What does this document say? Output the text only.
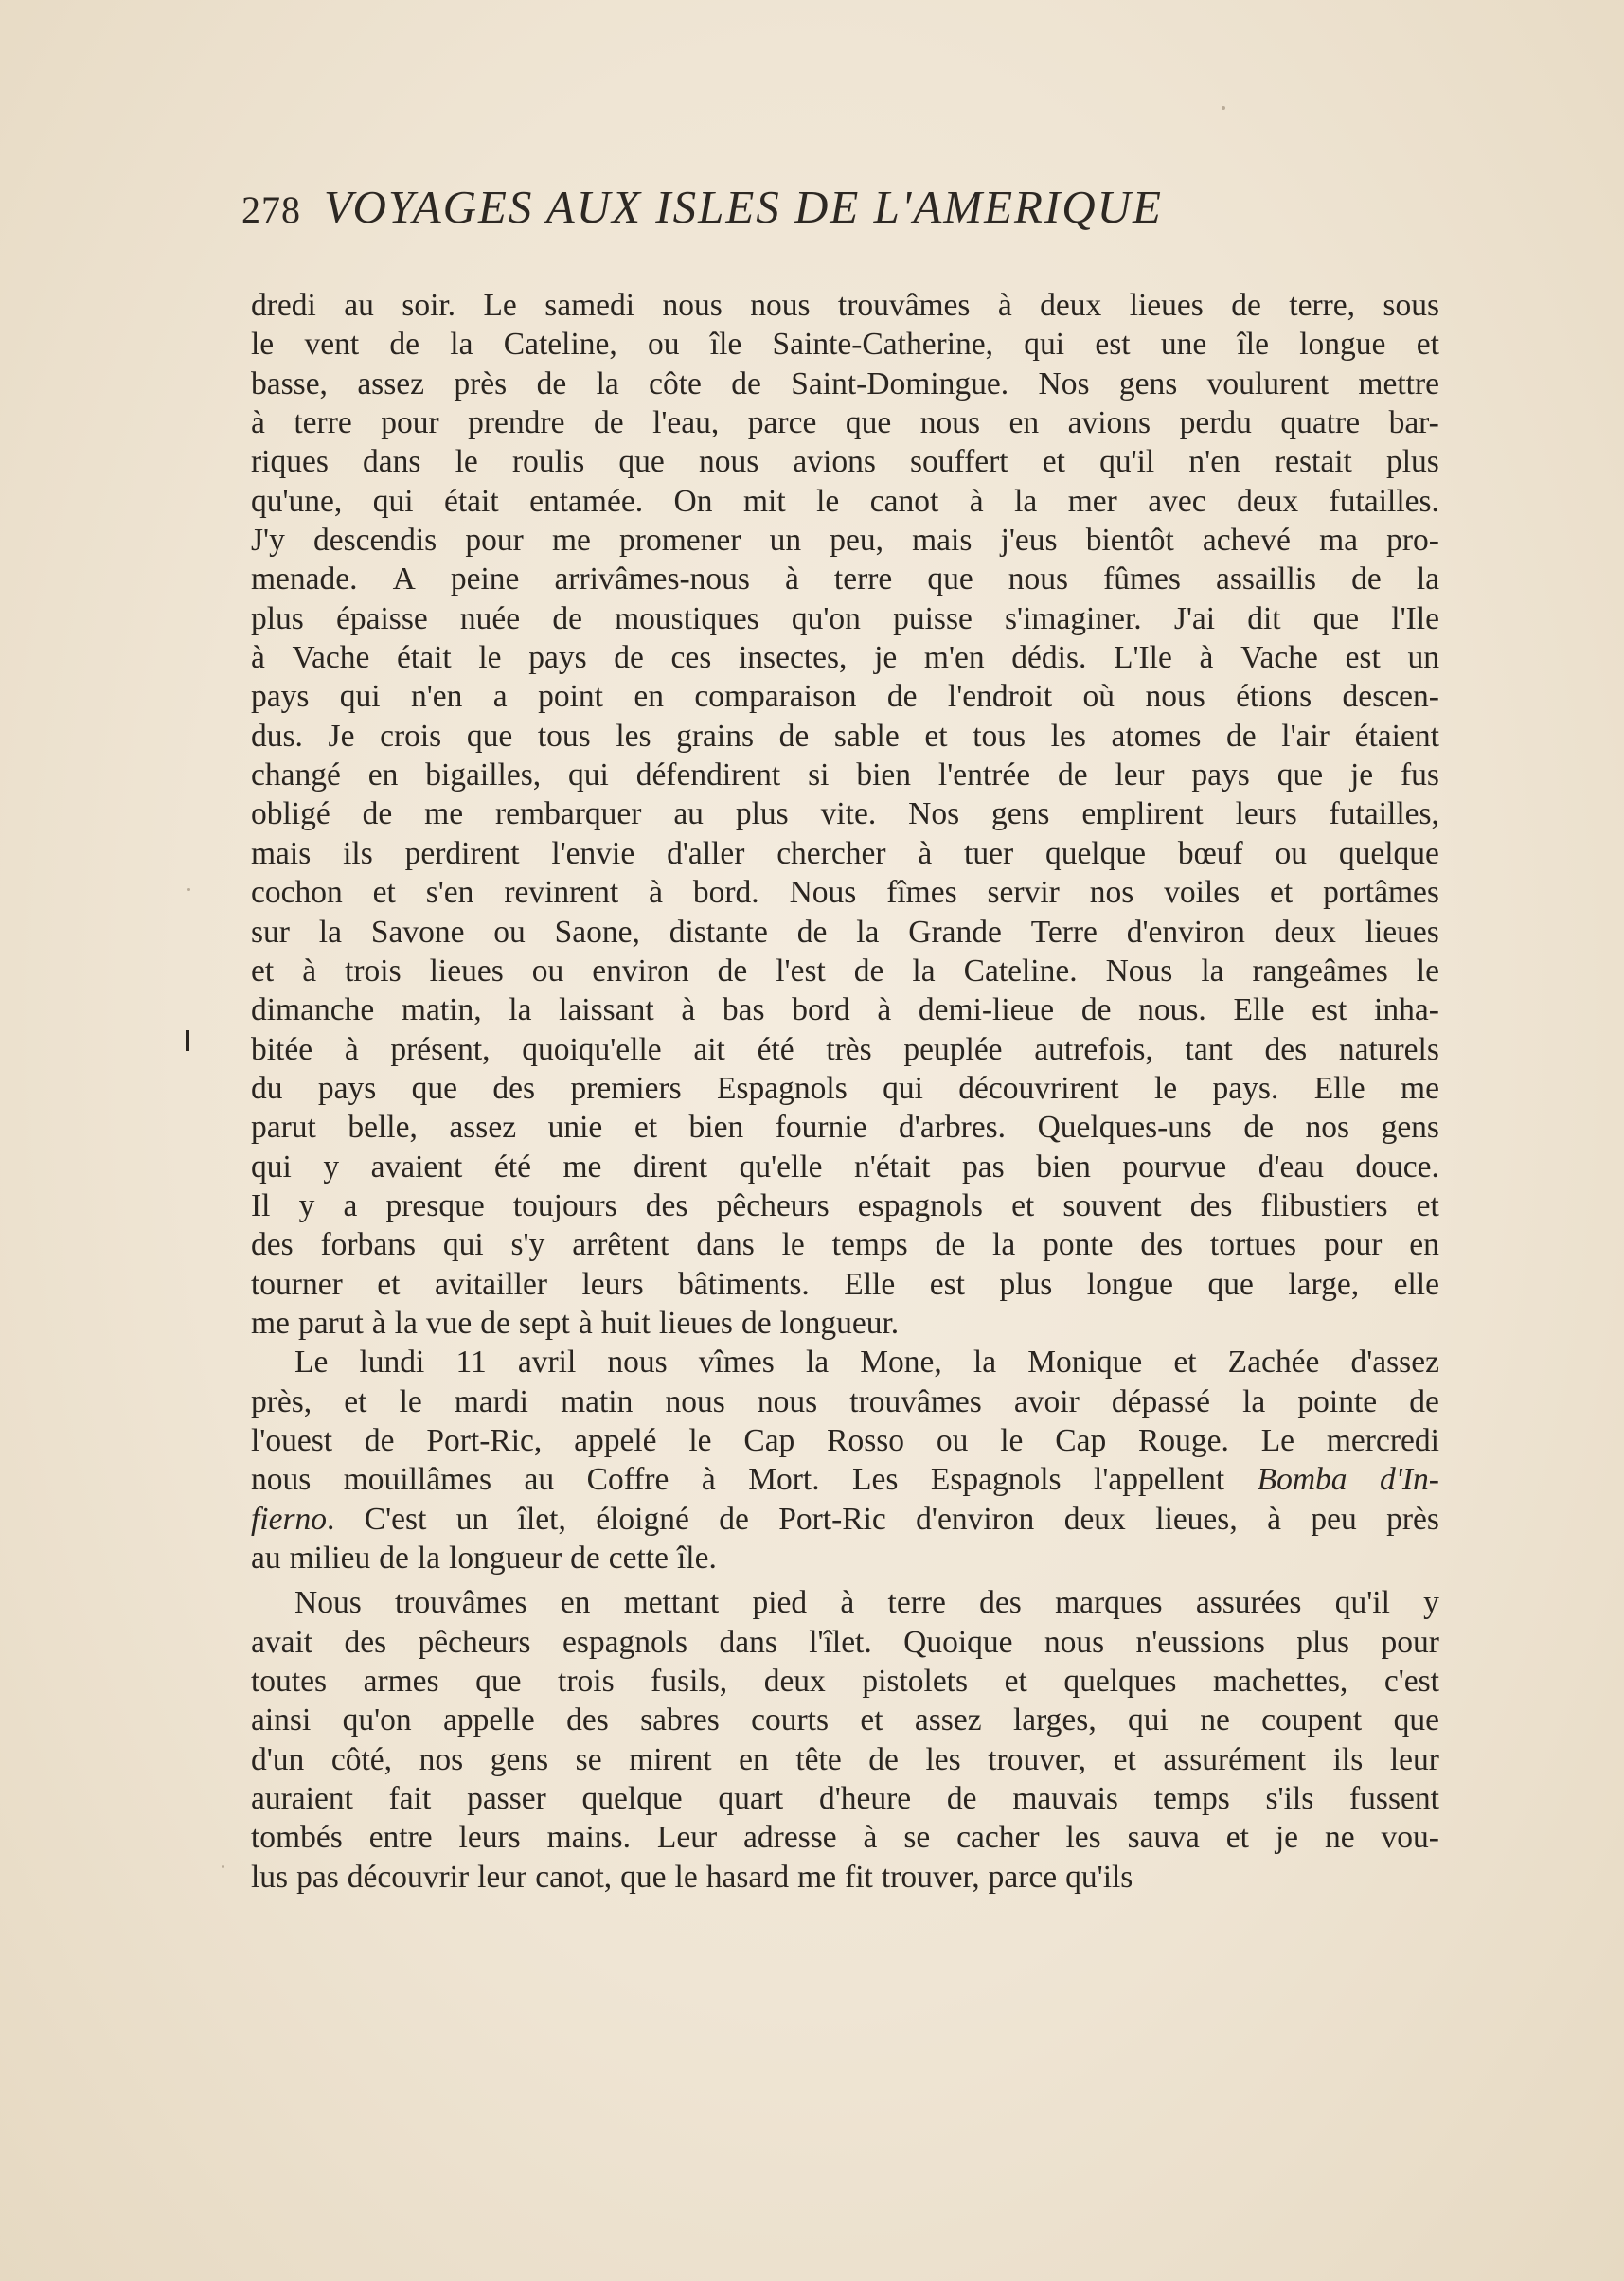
278 VOYAGES AUX ISLES DE L'AMERIQUE
dredi au soir. Le samedi nous nous trouvâmes à deux lieues de terre, sous
le vent de la Cateline, ou île Sainte-Catherine, qui est une île longue et
basse, assez près de la côte de Saint-Domingue. Nos gens voulurent mettre
à terre pour prendre de l'eau, parce que nous en avions perdu quatre bar-
riques dans le roulis que nous avions souffert et qu'il n'en restait plus
qu'une, qui était entamée. On mit le canot à la mer avec deux futailles.
J'y descendis pour me promener un peu, mais j'eus bientôt achevé ma pro-
menade. A peine arrivâmes-nous à terre que nous fûmes assaillis de la
plus épaisse nuée de moustiques qu'on puisse s'imaginer. J'ai dit que l'Ile
à Vache était le pays de ces insectes, je m'en dédis. L'Ile à Vache est un
pays qui n'en a point en comparaison de l'endroit où nous étions descen-
dus. Je crois que tous les grains de sable et tous les atomes de l'air étaient
changé en bigailles, qui défendirent si bien l'entrée de leur pays que je fus
obligé de me rembarquer au plus vite. Nos gens emplirent leurs futailles,
mais ils perdirent l'envie d'aller chercher à tuer quelque bœuf ou quelque
cochon et s'en revinrent à bord. Nous fîmes servir nos voiles et portâmes
sur la Savone ou Saone, distante de la Grande Terre d'environ deux lieues
et à trois lieues ou environ de l'est de la Cateline. Nous la rangeâmes le
dimanche matin, la laissant à bas bord à demi-lieue de nous. Elle est inha-
bitée à présent, quoiqu'elle ait été très peuplée autrefois, tant des naturels
du pays que des premiers Espagnols qui découvrirent le pays. Elle me
parut belle, assez unie et bien fournie d'arbres. Quelques-uns de nos gens
qui y avaient été me dirent qu'elle n'était pas bien pourvue d'eau douce.
Il y a presque toujours des pêcheurs espagnols et souvent des flibustiers et
des forbans qui s'y arrêtent dans le temps de la ponte des tortues pour en
tourner et avitailler leurs bâtiments. Elle est plus longue que large, elle
me parut à la vue de sept à huit lieues de longueur.
Le lundi 11 avril nous vîmes la Mone, la Monique et Zachée d'assez
près, et le mardi matin nous nous trouvâmes avoir dépassé la pointe de
l'ouest de Port-Ric, appelé le Cap Rosso ou le Cap Rouge. Le mercredi
nous mouillâmes au Coffre à Mort. Les Espagnols l'appellent Bomba d'In-
fierno. C'est un îlet, éloigné de Port-Ric d'environ deux lieues, à peu près
au milieu de la longueur de cette île.
Nous trouvâmes en mettant pied à terre des marques assurées qu'il y
avait des pêcheurs espagnols dans l'îlet. Quoique nous n'eussions plus pour
toutes armes que trois fusils, deux pistolets et quelques machettes, c'est
ainsi qu'on appelle des sabres courts et assez larges, qui ne coupent que
d'un côté, nos gens se mirent en tête de les trouver, et assurément ils leur
auraient fait passer quelque quart d'heure de mauvais temps s'ils fussent
tombés entre leurs mains. Leur adresse à se cacher les sauva et je ne vou-
lus pas découvrir leur canot, que le hasard me fit trouver, parce qu'ils
